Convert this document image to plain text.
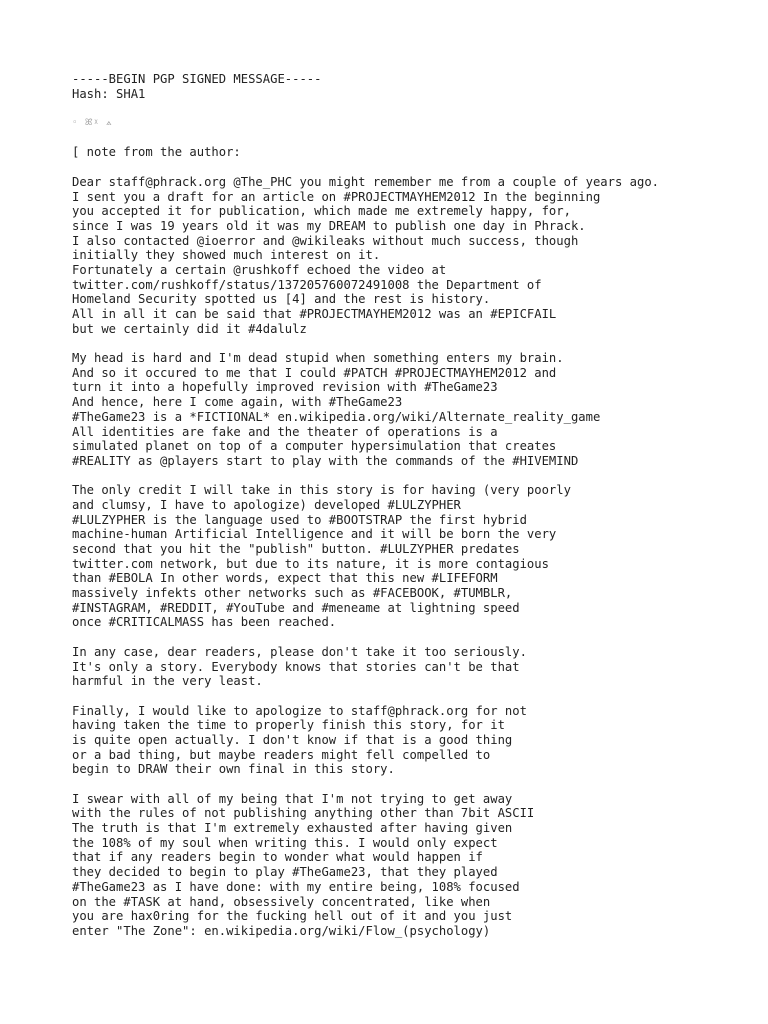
-----BEGIN PGP SIGNED MESSAGE-----
Hash: SHA1
◦ ꕤ̈ᵡ ⟑
[ note from the author:
Dear staff@phrack.org @The_PHC you might remember me from a couple of years ago.
I sent you a draft for an article on #PROJECTMAYHEM2012 In the beginning
you accepted it for publication, which made me extremely happy, for,
since I was 19 years old it was my DREAM to publish one day in Phrack.
I also contacted @ioerror and @wikileaks without much success, though
initially they showed much interest on it.
Fortunately a certain @rushkoff echoed the video at
twitter.com/rushkoff/status/137205760072491008 the Department of
Homeland Security spotted us [4] and the rest is history.
All in all it can be said that #PROJECTMAYHEM2012 was an #EPICFAIL
but we certainly did it #4dalulz
My head is hard and I'm dead stupid when something enters my brain.
And so it occured to me that I could #PATCH #PROJECTMAYHEM2012 and
turn it into a hopefully improved revision with #TheGame23
And hence, here I come again, with #TheGame23
#TheGame23 is a *FICTIONAL* en.wikipedia.org/wiki/Alternate_reality_game
All identities are fake and the theater of operations is a
simulated planet on top of a computer hypersimulation that creates
#REALITY as @players start to play with the commands of the #HIVEMIND
The only credit I will take in this story is for having (very poorly
and clumsy, I have to apologize) developed #LULZYPHER
#LULZYPHER is the language used to #BOOTSTRAP the first hybrid
machine-human Artificial Intelligence and it will be born the very
second that you hit the "publish" button. #LULZYPHER predates
twitter.com network, but due to its nature, it is more contagious
than #EBOLA In other words, expect that this new #LIFEFORM
massively infekts other networks such as #FACEBOOK, #TUMBLR,
#INSTAGRAM, #REDDIT, #YouTube and #meneame at lightning speed
once #CRITICALMASS has been reached.
In any case, dear readers, please don't take it too seriously.
It's only a story. Everybody knows that stories can't be that
harmful in the very least.
Finally, I would like to apologize to staff@phrack.org for not
having taken the time to properly finish this story, for it
is quite open actually. I don't know if that is a good thing
or a bad thing, but maybe readers might fell compelled to
begin to DRAW their own final in this story.
I swear with all of my being that I'm not trying to get away
with the rules of not publishing anything other than 7bit ASCII
The truth is that I'm extremely exhausted after having given
the 108% of my soul when writing this. I would only expect
that if any readers begin to wonder what would happen if
they decided to begin to play #TheGame23, that they played
#TheGame23 as I have done: with my entire being, 108% focused
on the #TASK at hand, obsessively concentrated, like when
you are hax0ring for the fucking hell out of it and you just
enter "The Zone": en.wikipedia.org/wiki/Flow_(psychology)
